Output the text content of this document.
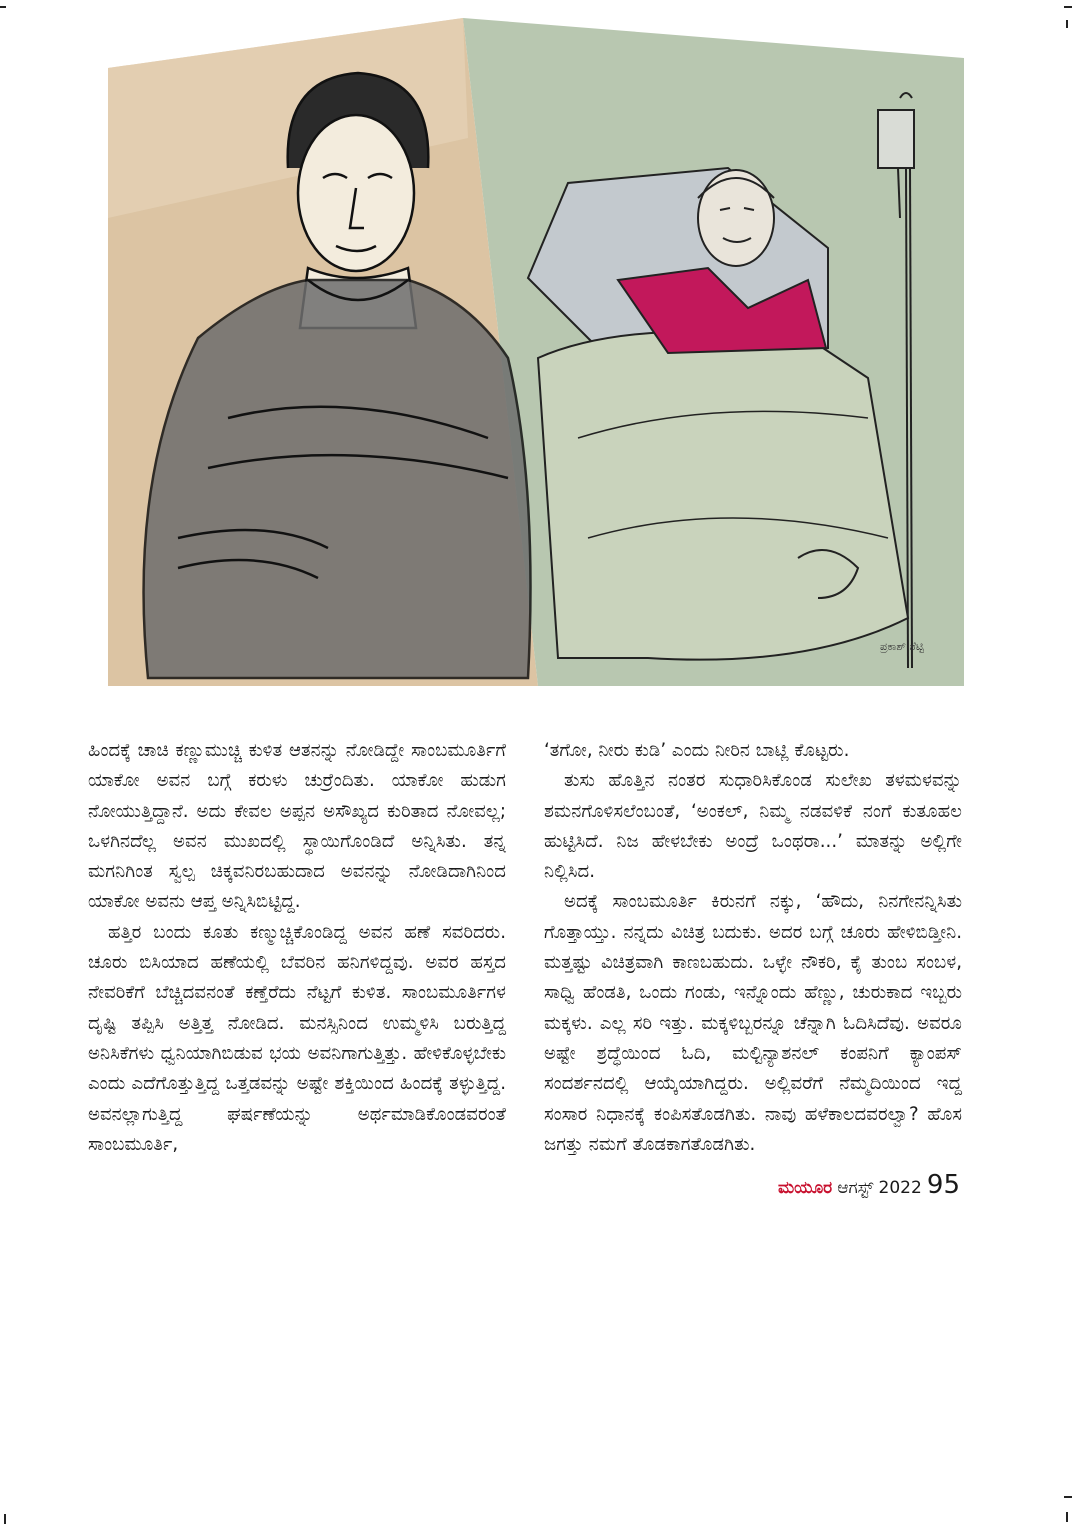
ಪ್ರಕಾಶ್ ಶೆಟ್ಟಿ

ಹಿಂದಕ್ಕೆ ಚಾಚಿ ಕಣ್ಣುಮುಚ್ಚಿ ಕುಳಿತ ಆತನನ್ನು ನೋಡಿದ್ದೇ ಸಾಂಬಮೂರ್ತಿಗೆ ಯಾಕೋ ಅವನ ಬಗ್ಗೆ ಕರುಳು ಚುರ್ರೆಂದಿತು. ಯಾಕೋ ಹುಡುಗ ನೋಯುತ್ತಿದ್ದಾನೆ. ಅದು ಕೇವಲ ಅಪ್ಪನ ಅಸೌಖ್ಯದ ಕುರಿತಾದ ನೋವಲ್ಲ; ಒಳಗಿನದೆಲ್ಲ ಅವನ ಮುಖದಲ್ಲಿ ಸ್ಥಾಯಿಗೊಂಡಿದೆ ಅನ್ನಿಸಿತು. ತನ್ನ ಮಗನಿಗಿಂತ ಸ್ವಲ್ಪ ಚಿಕ್ಕವನಿರಬಹುದಾದ ಅವನನ್ನು ನೋಡಿದಾಗಿನಿಂದ ಯಾಕೋ ಅವನು ಆಪ್ತ ಅನ್ನಿಸಿಬಿಟ್ಟಿದ್ದ.

ಹತ್ತಿರ ಬಂದು ಕೂತು ಕಣ್ಮುಚ್ಚಿಕೊಂಡಿದ್ದ ಅವನ ಹಣೆ ಸವರಿದರು. ಚೂರು ಬಿಸಿಯಾದ ಹಣೆಯಲ್ಲಿ ಬೆವರಿನ ಹನಿಗಳಿದ್ದವು. ಅವರ ಹಸ್ತದ ನೇವರಿಕೆಗೆ ಬೆಚ್ಚಿದವನಂತೆ ಕಣ್ತೆರೆದು ನೆಟ್ಟಗೆ ಕುಳಿತ. ಸಾಂಬಮೂರ್ತಿಗಳ ದೃಷ್ಟಿ ತಪ್ಪಿಸಿ ಅತ್ತಿತ್ತ ನೋಡಿದ. ಮನಸ್ಸಿನಿಂದ ಉಮ್ಮಳಿಸಿ ಬರುತ್ತಿದ್ದ ಅನಿಸಿಕೆಗಳು ಧ್ವನಿಯಾಗಿಬಿಡುವ ಭಯ ಅವನಿಗಾಗುತ್ತಿತ್ತು. ಹೇಳಿಕೊಳ್ಳಬೇಕು ಎಂದು ಎದೆಗೊತ್ತುತ್ತಿದ್ದ ಒತ್ತಡವನ್ನು ಅಷ್ಟೇ ಶಕ್ತಿಯಿಂದ ಹಿಂದಕ್ಕೆ ತಳ್ಳುತ್ತಿದ್ದ. ಅವನಲ್ಲಾಗುತ್ತಿದ್ದ ಘರ್ಷಣೆಯನ್ನು ಅರ್ಥಮಾಡಿಕೊಂಡವರಂತೆ ಸಾಂಬಮೂರ್ತಿ,

‘ತಗೋ, ನೀರು ಕುಡಿ’ ಎಂದು ನೀರಿನ ಬಾಟ್ಲಿ ಕೊಟ್ಟರು.

ತುಸು ಹೊತ್ತಿನ ನಂತರ ಸುಧಾರಿಸಿಕೊಂಡ ಸುಲೇಖ ತಳಮಳವನ್ನು ಶಮನಗೊಳಿಸಲೆಂಬಂತೆ, ‘ಅಂಕಲ್, ನಿಮ್ಮ ನಡವಳಿಕೆ ನಂಗೆ ಕುತೂಹಲ ಹುಟ್ಟಿಸಿದೆ. ನಿಜ ಹೇಳಬೇಕು ಅಂದ್ರೆ ಒಂಥರಾ...’ ಮಾತನ್ನು ಅಲ್ಲಿಗೇ ನಿಲ್ಲಿಸಿದ.

ಅದಕ್ಕೆ ಸಾಂಬಮೂರ್ತಿ ಕಿರುನಗೆ ನಕ್ಕು, ‘ಹೌದು, ನಿನಗೇನನ್ನಿಸಿತು ಗೊತ್ತಾಯ್ತು. ನನ್ನದು ವಿಚಿತ್ರ ಬದುಕು. ಅದರ ಬಗ್ಗೆ ಚೂರು ಹೇಳಿಬಿಡ್ತೀನಿ. ಮತ್ತಷ್ಟು ವಿಚಿತ್ರವಾಗಿ ಕಾಣಬಹುದು. ಒಳ್ಳೇ ನೌಕರಿ, ಕೈ ತುಂಬ ಸಂಬಳ, ಸಾಧ್ವಿ ಹೆಂಡತಿ, ಒಂದು ಗಂಡು, ಇನ್ನೊಂದು ಹೆಣ್ಣು, ಚುರುಕಾದ ಇಬ್ಬರು ಮಕ್ಕಳು. ಎಲ್ಲ ಸರಿ ಇತ್ತು. ಮಕ್ಕಳಿಬ್ಬರನ್ನೂ ಚೆನ್ನಾಗಿ ಓದಿಸಿದೆವು. ಅವರೂ ಅಷ್ಟೇ ಶ್ರದ್ಧೆಯಿಂದ ಓದಿ, ಮಲ್ಟಿನ್ಯಾಶನಲ್ ಕಂಪನಿಗೆ ಕ್ಯಾಂಪಸ್ ಸಂದರ್ಶನದಲ್ಲಿ ಆಯ್ಕೆಯಾಗಿದ್ದರು. ಅಲ್ಲಿವರೆಗೆ ನೆಮ್ಮದಿಯಿಂದ ಇದ್ದ ಸಂಸಾರ ನಿಧಾನಕ್ಕೆ ಕಂಪಿಸತೊಡಗಿತು. ನಾವು ಹಳೆಕಾಲದವರಲ್ವಾ? ಹೊಸ ಜಗತ್ತು ನಮಗೆ ತೊಡಕಾಗತೊಡಗಿತು.

ಮಯೂರ ಆಗಸ್ಟ್ 2022 95
